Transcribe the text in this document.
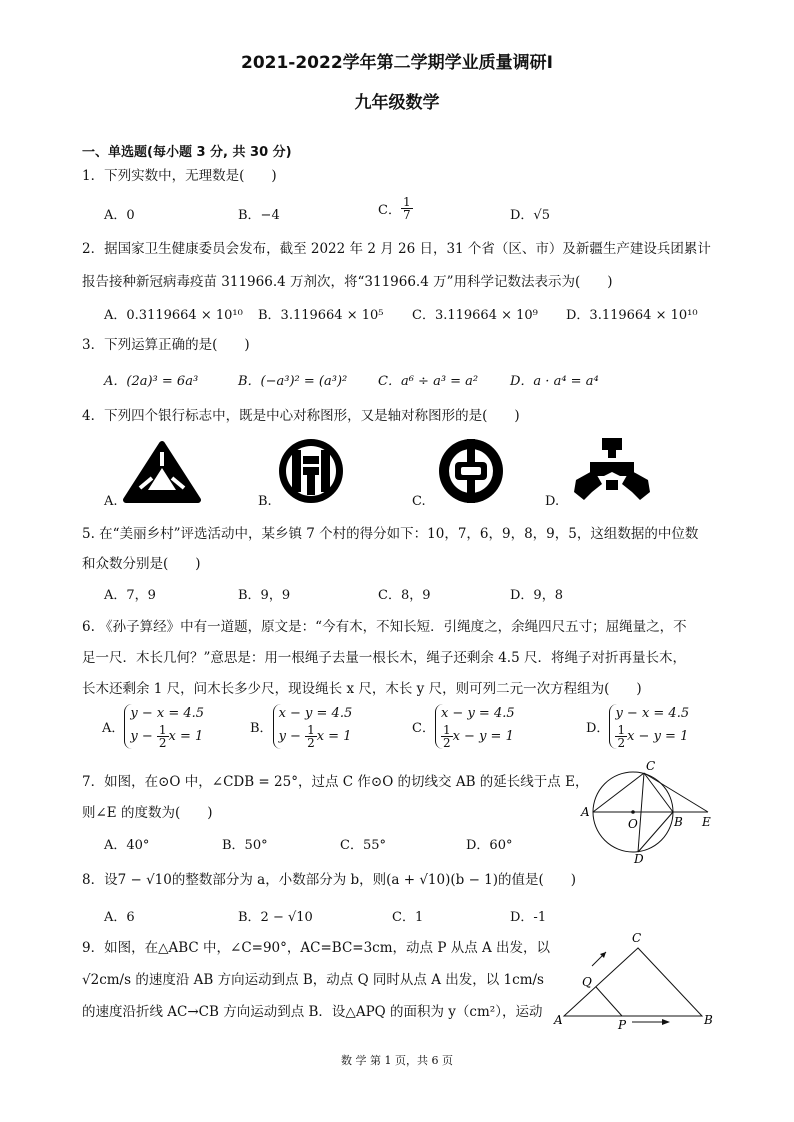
2021-2022学年第二学期学业质量调研Ⅰ
九年级数学
一、单选题(每小题 3 分, 共 30 分)
1．下列实数中，无理数是(　　)
A．0	B．−4	C． $\frac{1}{7}$	D．√5
2．据国家卫生健康委员会发布，截至 2022 年 2 月 26 日，31 个省（区、市）及新疆生产建设兵团累计
报告接种新冠病毒疫苗 311966.4 万剂次，将“311966.4 万”用科学记数法表示为(　　)
A．0.3119664 × 10¹⁰ B．3.119664 × 10⁵ C．3.119664 × 10⁹ D．3.119664 × 10¹⁰
3．下列运算正确的是(　　)
A．(2a)³ = 6a³	B．(−a³)² = (a³)² C．a⁶ ÷ a³ = a² D．a · a⁴ = a⁴
4．下列四个银行标志中，既是中心对称图形，又是轴对称图形的是(　　)
A.	B.	C.	D.
5. 在“美丽乡村”评选活动中，某乡镇 7 个村的得分如下：10，7，6，9，8，9，5，这组数据的中位数
和众数分别是(　　)
A．7，9	B．9，9	C．8，9	D．9，8
6. 《孙子算经》中有一道题，原文是：“今有木，不知长短．引绳度之，余绳四尺五寸；屈绳量之，不
足一尺．木长几何？”意思是：用一根绳子去量一根长木，绳子还剩余 4.5 尺．将绳子对折再量长木，
长木还剩余 1 尺，问木长多少尺，现设绳长 x 尺，木长 y 尺，则可列二元一次方程组为(　　)
A．
y − x = 4.5
$y - \frac{1}{2}$ x = 1
B．
x − y = 4.5
$y - \frac{1}{2}$ x = 1
C．
x − y = 4.5
$\frac{1}{2}$ x − y = 1
D．
y − x = 4.5
$\frac{1}{2}$ x − y = 1
7．如图，在⊙O 中，∠CDB = 25°，过点 C 作⊙O 的切线交 AB 的延长线于点 E，
则∠E 的度数为(　　)
A．40°	B．50°	C．55°	D．60°
A
O	B E
C
D
8．设7 − √10的整数部分为 a，小数部分为 b，则(a + √10)(b − 1)的值是(　　)
A．6	B．2 − √10	C．1	D．-1
9．如图，在△ABC 中，∠C=90°，AC=BC=3cm，动点 P 从点 A 出发，以
√2cm/s 的速度沿 AB 方向运动到点 B，动点 Q 同时从点 A 出发，以 1cm/s
的速度沿折线 AC→CB 方向运动到点 B．设△APQ 的面积为 y（cm²），运动
C
Q
A	P	B
数 学 第 1 页，共 6 页
